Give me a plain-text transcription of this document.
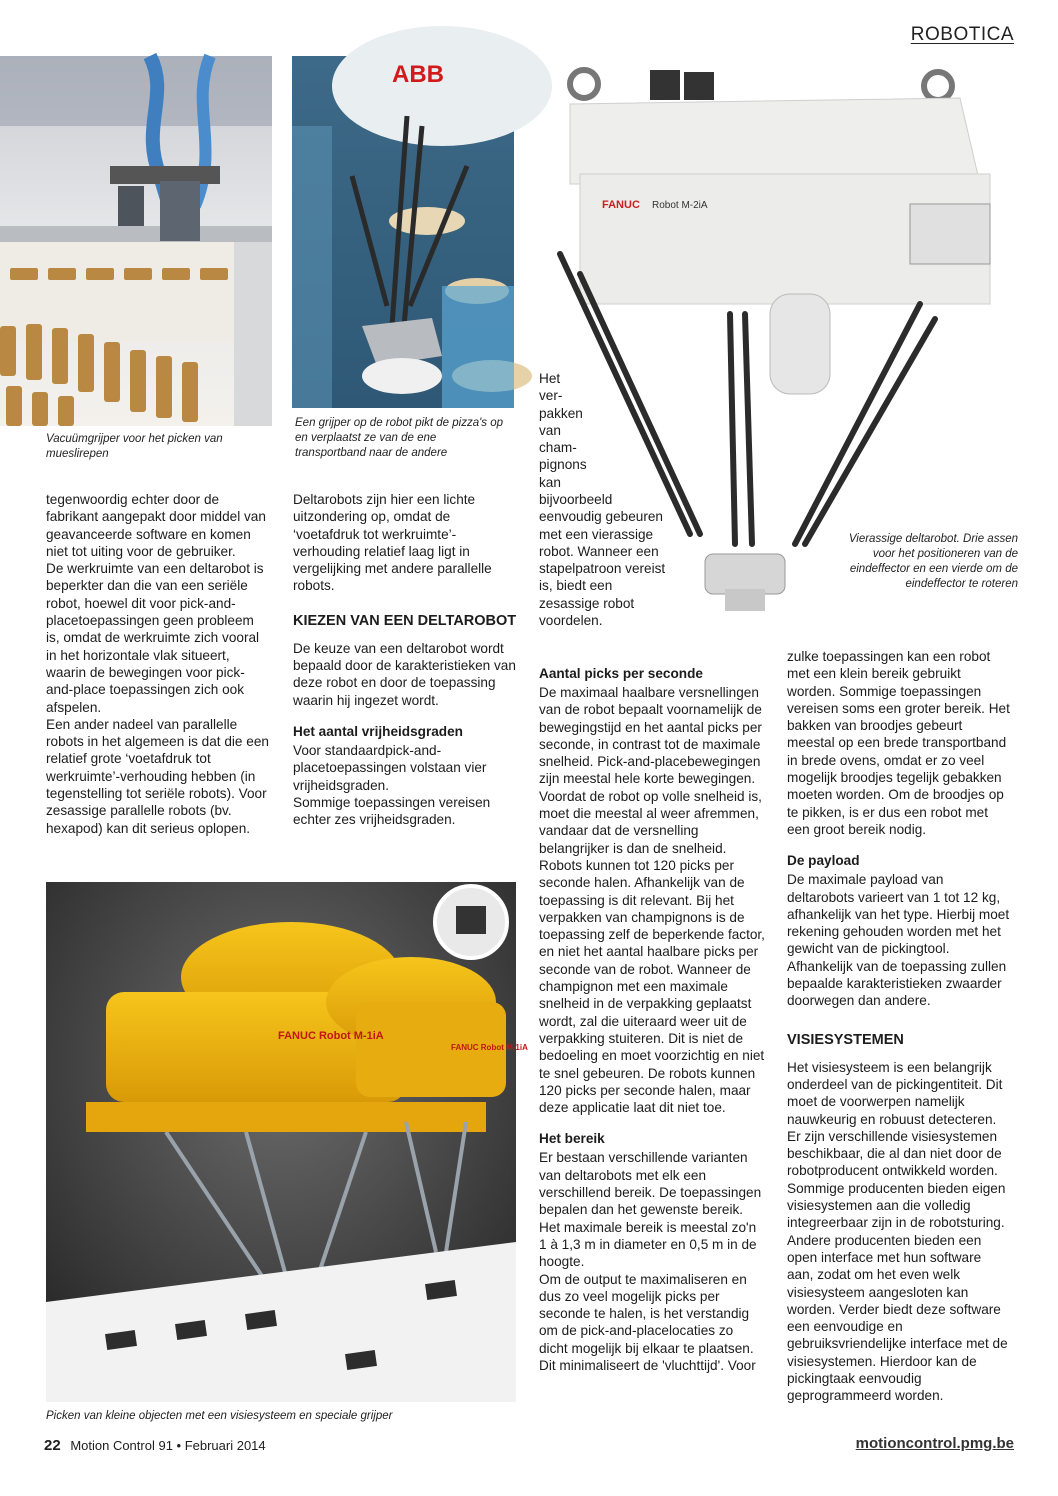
ROBOTICA
Vacuümgrijper voor het picken van mueslirepen
ABB
Een grijper op de robot pikt de pizza's op en verplaatst ze van de ene transportband naar de andere
FANUC Robot M-2iA
Vierassige deltarobot. Drie assen voor het positioneren van de eindeffector en een vierde om de eindeffector te roteren

tegenwoordig echter door de fabrikant aangepakt door middel van geavanceerde software en komen niet tot uiting voor de gebruiker.

De werkruimte van een deltarobot is beperkter dan die van een seriële robot, hoewel dit voor pick-and-placetoepassingen geen probleem is, omdat de werkruimte zich vooral in het horizontale vlak situeert, waarin de bewegingen voor pick-and-place toepassingen zich ook afspelen.

Een ander nadeel van parallelle robots in het algemeen is dat die een relatief grote ‘voetafdruk tot werkruimte’-verhouding hebben (in tegenstelling tot seriële robots). Voor zesassige parallelle robots (bv. hexapod) kan dit serieus oplopen.

Deltarobots zijn hier een lichte uitzondering op, omdat de ‘voetafdruk tot werkruimte’-verhouding relatief laag ligt in vergelijking met andere parallelle robots.

KIEZEN VAN EEN DELTAROBOT

De keuze van een deltarobot wordt bepaald door de karakteristieken van deze robot en door de toepassing waarin hij ingezet wordt.

Het aantal vrijheidsgraden

Voor standaardpick-and-placetoepassingen volstaan vier vrijheidsgraden.

Sommige toepassingen vereisen echter zes vrijheidsgraden.

FANUC Robot M-1iA
FANUC Robot M-1iA
Picken van kleine objecten met een visiesysteem en speciale grijper

Het

ver-

pakken

van

cham-

pignons

kan

bijvoorbeeld eenvoudig gebeuren met een vierassige robot. Wanneer een stapelpatroon vereist is, biedt een zesassige robot voordelen.

Aantal picks per seconde

De maximaal haalbare versnellingen van de robot bepaalt voornamelijk de bewegingstijd en het aantal picks per seconde, in contrast tot de maximale snelheid. Pick-and-placebewegingen zijn meestal hele korte bewegingen. Voordat de robot op volle snelheid is, moet die meestal al weer afremmen, vandaar dat de versnelling belangrijker is dan de snelheid. Robots kunnen tot 120 picks per seconde halen. Afhankelijk van de toepassing is dit relevant. Bij het verpakken van champignons is de toepassing zelf de beperkende factor, en niet het aantal haalbare picks per seconde van de robot. Wanneer de champignon met een maximale snelheid in de verpakking geplaatst wordt, zal die uiteraard weer uit de verpakking stuiteren. Dit is niet de bedoeling en moet voorzichtig en niet te snel gebeuren. De robots kunnen 120 picks per seconde halen, maar deze applicatie laat dit niet toe.

Het bereik

Er bestaan verschillende varianten van deltarobots met elk een verschillend bereik. De toepassingen bepalen dan het gewenste bereik. Het maximale bereik is meestal zo'n 1 à 1,3 m in diameter en 0,5 m in de hoogte.

Om de output te maximaliseren en dus zo veel mogelijk picks per seconde te halen, is het verstandig om de pick-and-placelocaties zo dicht mogelijk bij elkaar te plaatsen. Dit minimaliseert de 'vluchttijd'. Voor

zulke toepassingen kan een robot met een klein bereik gebruikt worden. Sommige toepassingen vereisen soms een groter bereik. Het bakken van broodjes gebeurt meestal op een brede transportband in brede ovens, omdat er zo veel mogelijk broodjes tegelijk gebakken moeten worden. Om de broodjes op te pikken, is er dus een robot met een groot bereik nodig.

De payload

De maximale payload van deltarobots varieert van 1 tot 12 kg, afhankelijk van het type. Hierbij moet rekening gehouden worden met het gewicht van de pickingtool. Afhankelijk van de toepassing zullen bepaalde karakteristieken zwaarder doorwegen dan andere.

VISIESYSTEMEN

Het visiesysteem is een belangrijk onderdeel van de pickingentiteit. Dit moet de voorwerpen namelijk nauwkeurig en robuust detecteren. Er zijn verschillende visiesystemen beschikbaar, die al dan niet door de robotproducent ontwikkeld worden.

Sommige producenten bieden eigen visiesystemen aan die volledig integreerbaar zijn in de robotsturing. Andere producenten bieden een open interface met hun software aan, zodat om het even welk visiesysteem aangesloten kan worden. Verder biedt deze software een eenvoudige en gebruiksvriendelijke interface met de visiesystemen. Hierdoor kan de pickingtaak eenvoudig geprogrammeerd worden.

22 Motion Control 91 • Februari 2014	motioncontrol.pmg.be
